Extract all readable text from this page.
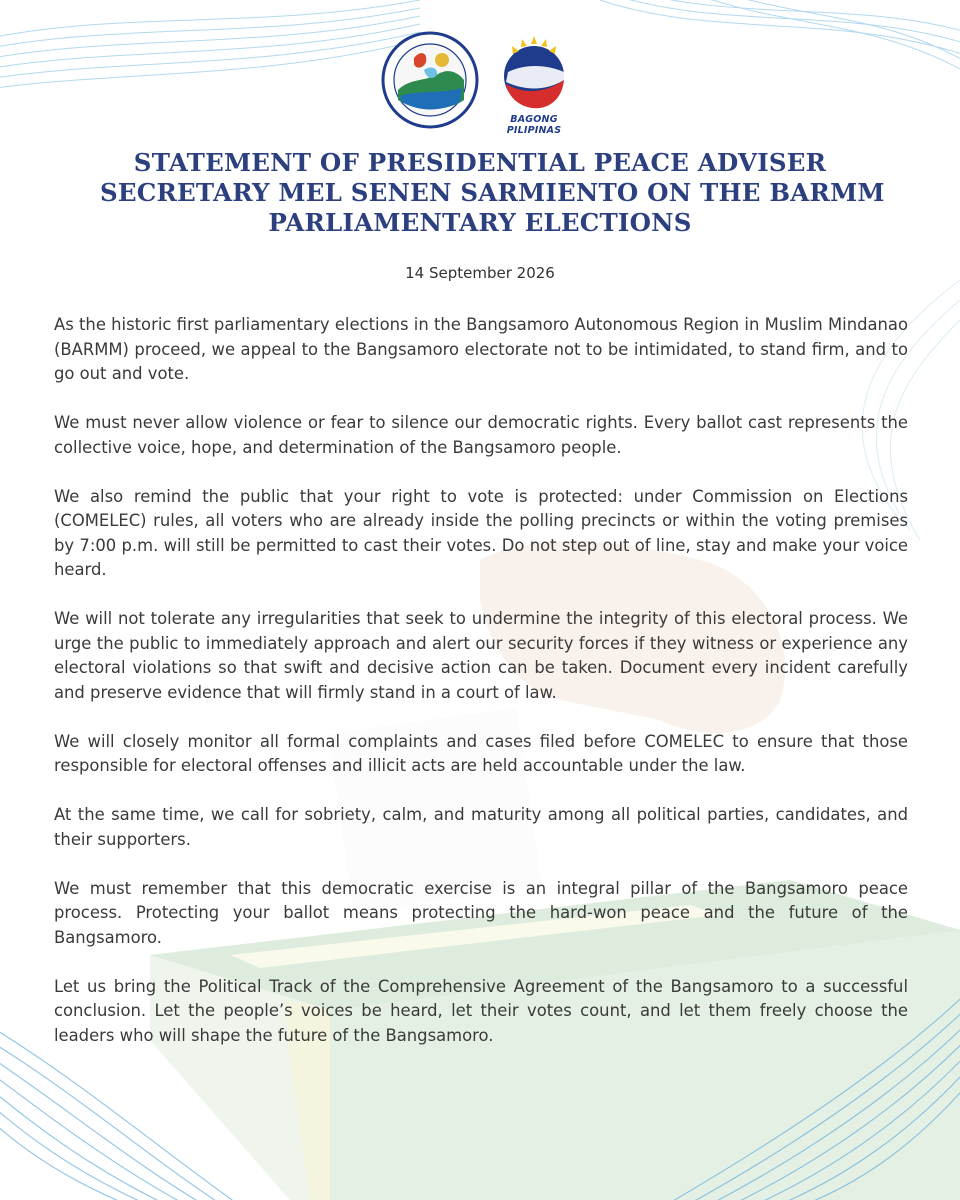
BAGONG PILIPINAS
STATEMENT OF PRESIDENTIAL PEACE ADVISER
SECRETARY MEL SENEN SARMIENTO ON THE BARMM
PARLIAMENTARY ELECTIONS
14 September 2026

As the historic first parliamentary elections in the Bangsamoro Autonomous Region in Muslim Mindanao (BARMM) proceed, we appeal to the Bangsamoro electorate not to be intimidated, to stand firm, and to go out and vote.

We must never allow violence or fear to silence our democratic rights. Every ballot cast represents the collective voice, hope, and determination of the Bangsamoro people.

We also remind the public that your right to vote is protected: under Commission on Elections (COMELEC) rules, all voters who are already inside the polling precincts or within the voting premises by 7:00 p.m. will still be permitted to cast their votes. Do not step out of line, stay and make your voice heard.

We will not tolerate any irregularities that seek to undermine the integrity of this electoral process. We urge the public to immediately approach and alert our security forces if they witness or experience any electoral violations so that swift and decisive action can be taken. Document every incident carefully and preserve evidence that will firmly stand in a court of law.

We will closely monitor all formal complaints and cases filed before COMELEC to ensure that those responsible for electoral offenses and illicit acts are held accountable under the law.

At the same time, we call for sobriety, calm, and maturity among all political parties, candidates, and their supporters.

We must remember that this democratic exercise is an integral pillar of the Bangsamoro peace process. Protecting your ballot means protecting the hard-won peace and the future of the Bangsamoro.

Let us bring the Political Track of the Comprehensive Agreement of the Bangsamoro to a successful conclusion. Let the people’s voices be heard, let their votes count, and let them freely choose the leaders who will shape the future of the Bangsamoro.
